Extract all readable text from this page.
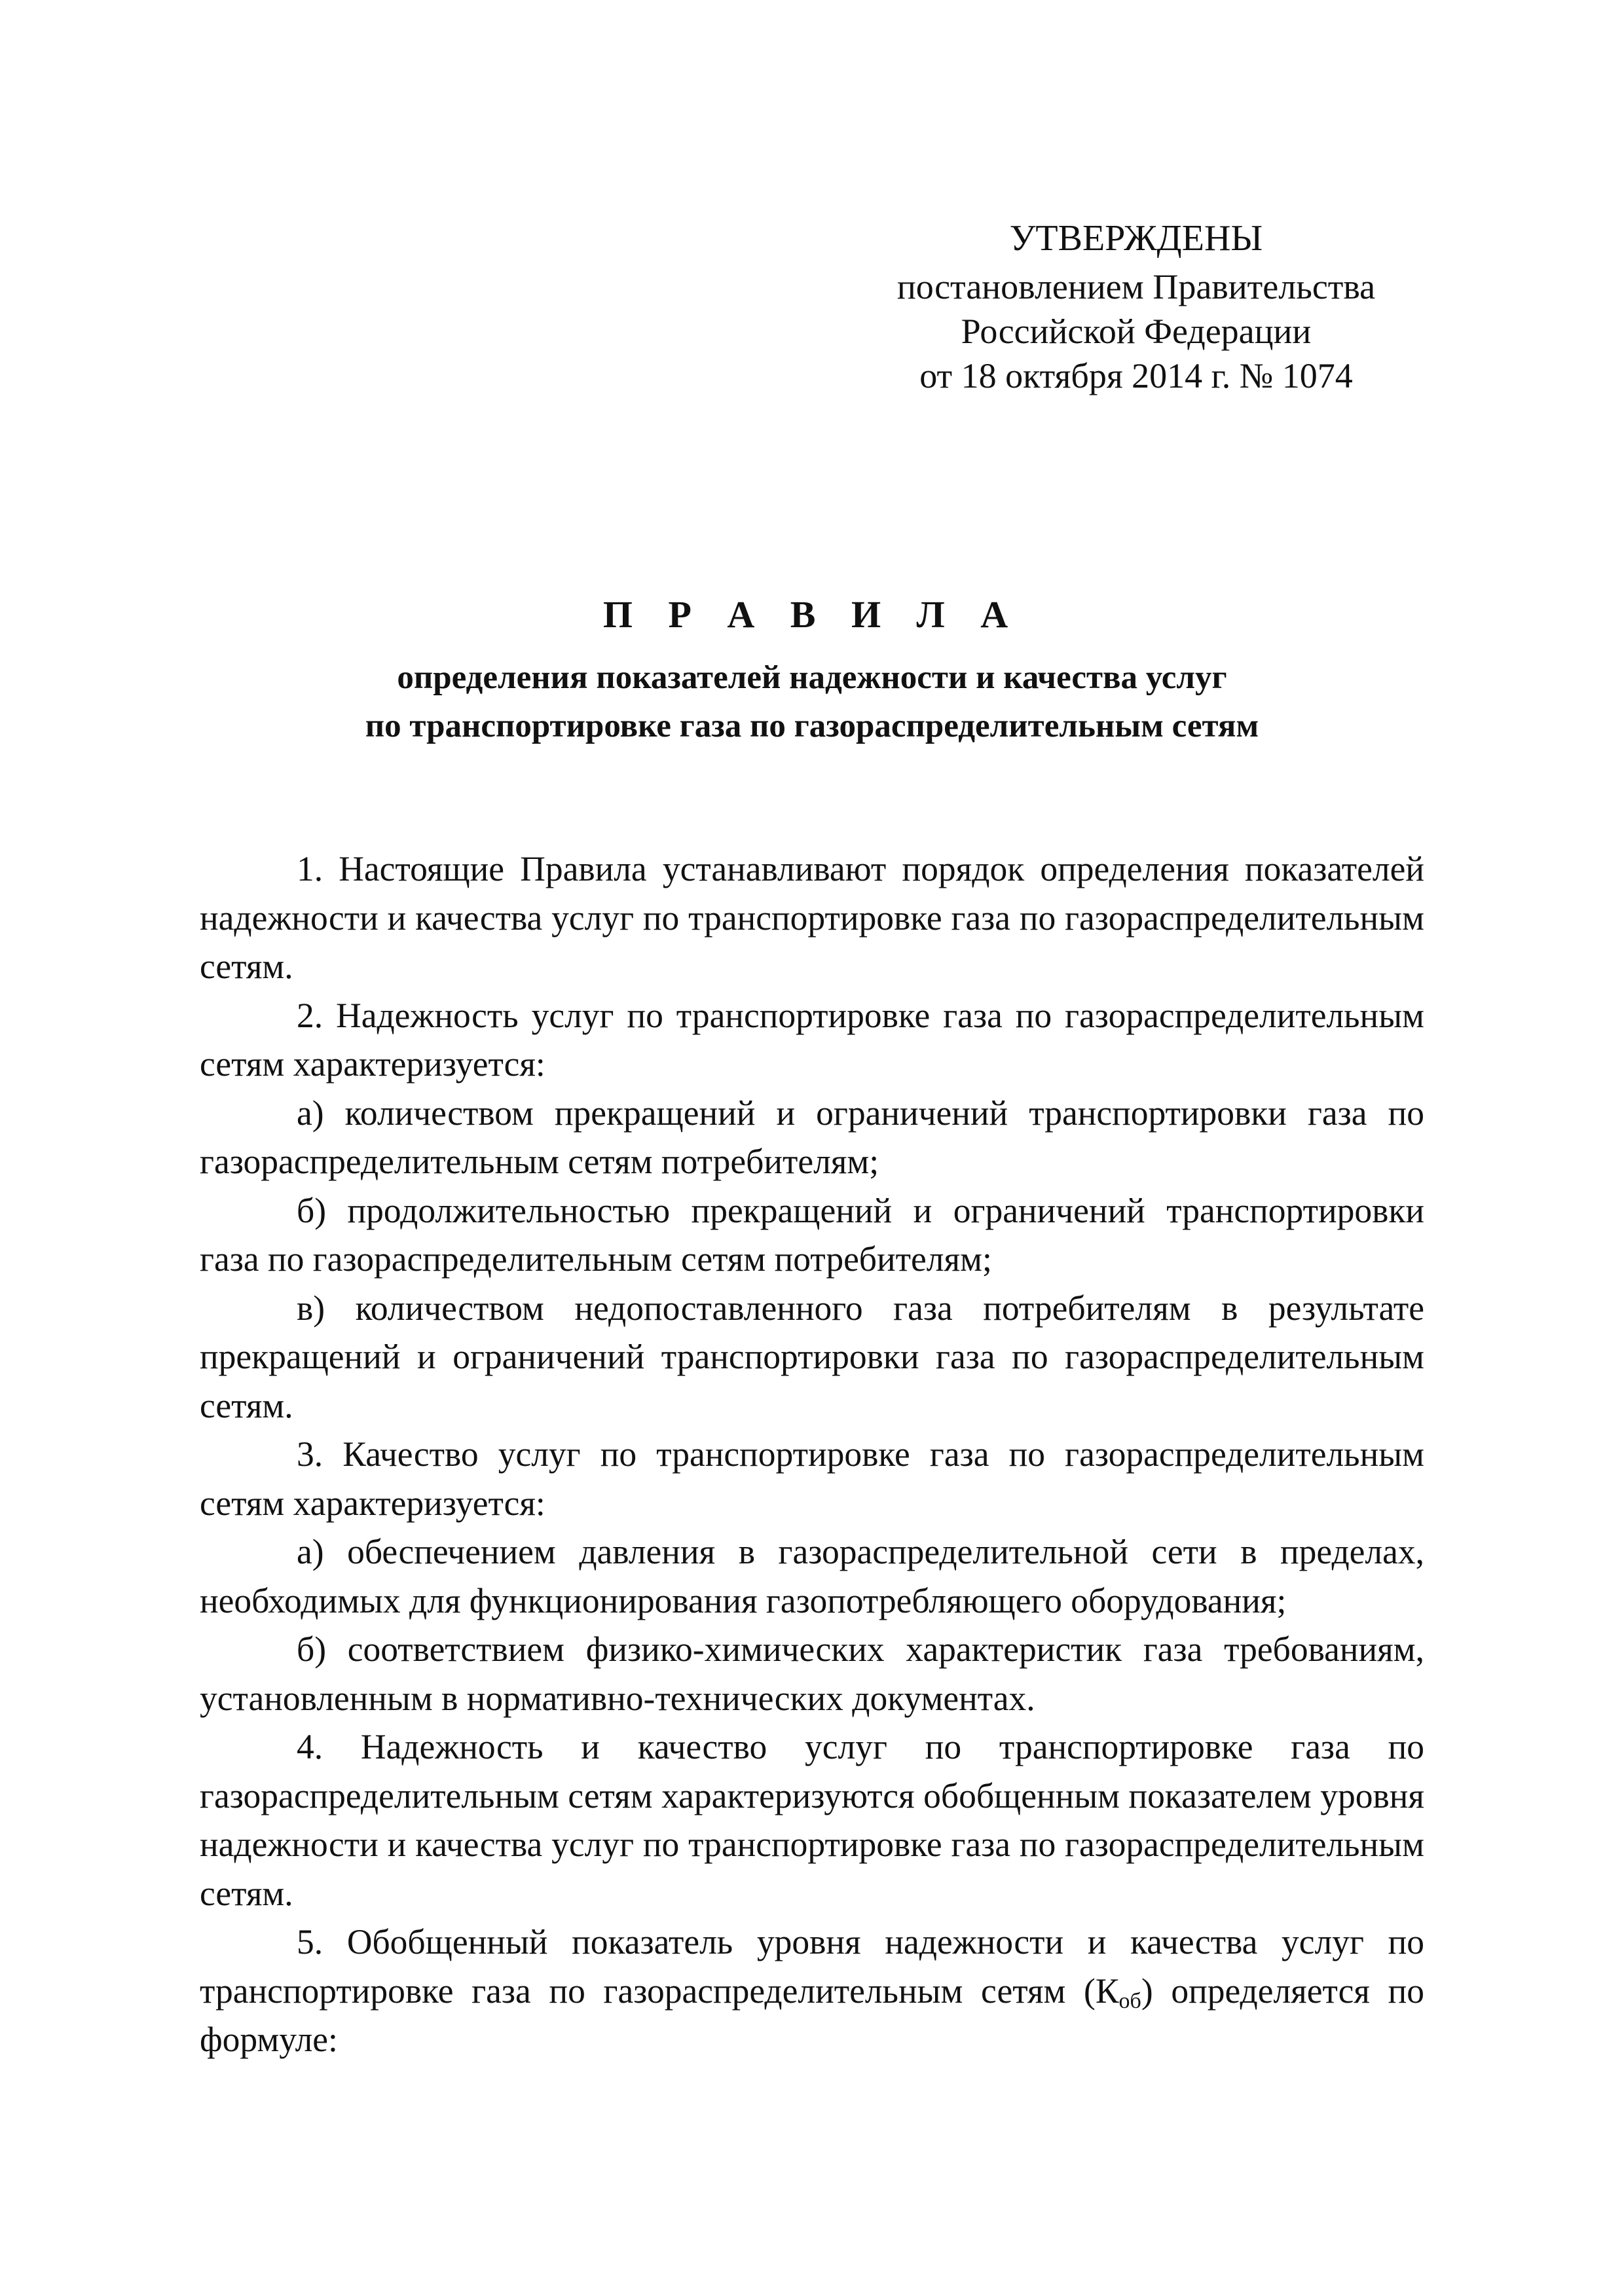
УТВЕРЖДЕНЫ
постановлением Правительства
Российской Федерации
от 18 октября 2014 г. № 1074
П Р А В И Л А
определения показателей надежности и качества услуг
по транспортировке газа по газораспределительным сетям

1. Настоящие Правила устанавливают порядок определения показателей надежности и качества услуг по транспортировке газа по газораспределительным сетям.

2. Надежность услуг по транспортировке газа по газораспределительным сетям характеризуется:

а) количеством прекращений и ограничений транспортировки газа по газораспределительным сетям потребителям;

б) продолжительностью прекращений и ограничений транспортировки газа по газораспределительным сетям потребителям;

в) количеством недопоставленного газа потребителям в результате прекращений и ограничений транспортировки газа по газораспределительным сетям.

3. Качество услуг по транспортировке газа по газораспределительным сетям характеризуется:

а) обеспечением давления в газораспределительной сети в пределах, необходимых для функционирования газопотребляющего оборудования;

б) соответствием физико-химических характеристик газа требованиям, установленным в нормативно-технических документах.

4. Надежность и качество услуг по транспортировке газа по газораспределительным сетям характеризуются обобщенным показателем уровня надежности и качества услуг по транспортировке газа по газораспределительным сетям.

5. Обобщенный показатель уровня надежности и качества услуг по транспортировке газа по газораспределительным сетям $(К_{об})$ определяется по формуле:
